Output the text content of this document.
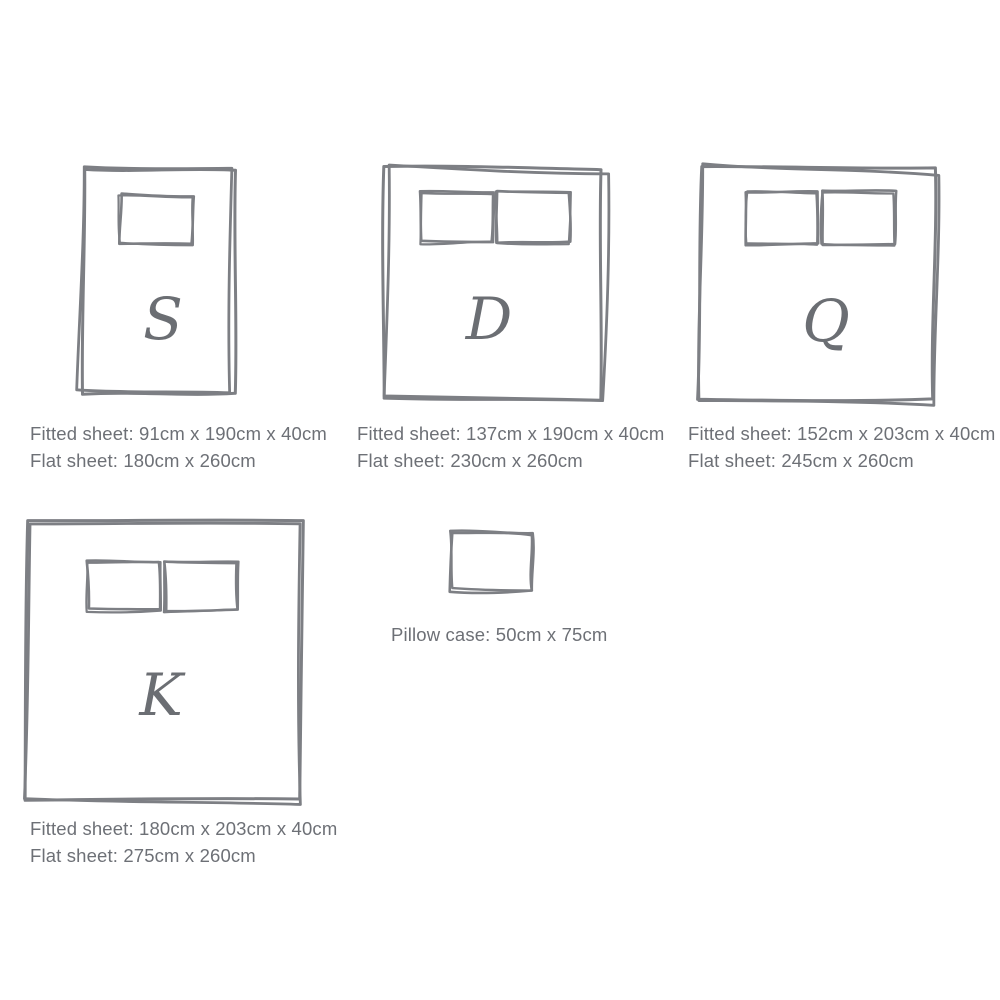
S	D	Q
K
Fitted sheet: 91cm x 190cm x 40cm
Flat sheet: 180cm x 260cm
Fitted sheet: 137cm x 190cm x 40cm
Flat sheet: 230cm x 260cm
Fitted sheet: 152cm x 203cm x 40cm
Flat sheet: 245cm x 260cm
Fitted sheet: 180cm x 203cm x 40cm
Flat sheet: 275cm x 260cm
Pillow case: 50cm x 75cm
